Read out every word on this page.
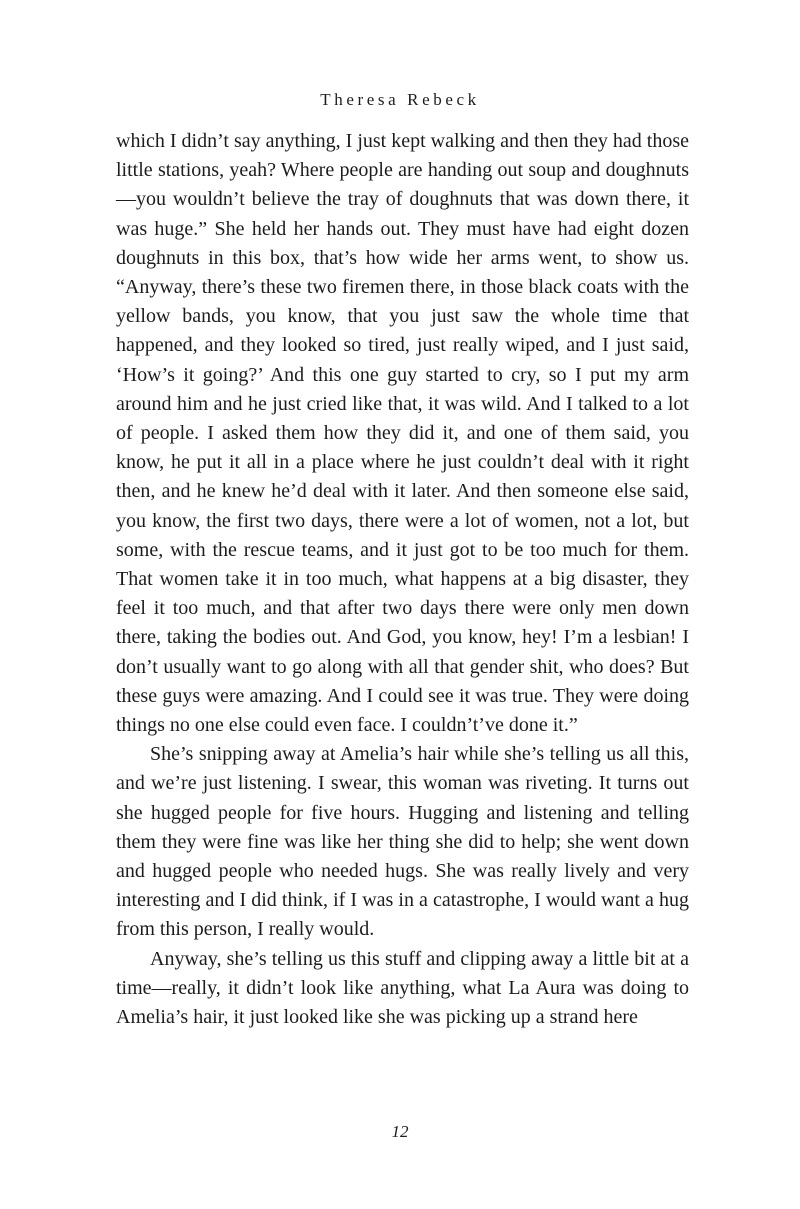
Theresa Rebeck

which I didn’t say anything, I just kept walking and then they had those little stations, yeah? Where people are handing out soup and doughnuts—you wouldn’t believe the tray of doughnuts that was down there, it was huge.” She held her hands out. They must have had eight dozen doughnuts in this box, that’s how wide her arms went, to show us. “Anyway, there’s these two firemen there, in those black coats with the yellow bands, you know, that you just saw the whole time that happened, and they looked so tired, just really wiped, and I just said, ‘How’s it going?’ And this one guy started to cry, so I put my arm around him and he just cried like that, it was wild. And I talked to a lot of people. I asked them how they did it, and one of them said, you know, he put it all in a place where he just couldn’t deal with it right then, and he knew he’d deal with it later. And then someone else said, you know, the first two days, there were a lot of women, not a lot, but some, with the rescue teams, and it just got to be too much for them. That women take it in too much, what happens at a big disaster, they feel it too much, and that after two days there were only men down there, taking the bodies out. And God, you know, hey! I’m a lesbian! I don’t usually want to go along with all that gender shit, who does? But these guys were amazing. And I could see it was true. They were doing things no one else could even face. I couldn’t’ve done it.”

She’s snipping away at Amelia’s hair while she’s telling us all this, and we’re just listening. I swear, this woman was riveting. It turns out she hugged people for five hours. Hugging and listening and telling them they were fine was like her thing she did to help; she went down and hugged people who needed hugs. She was really lively and very interesting and I did think, if I was in a catastrophe, I would want a hug from this person, I really would.

Anyway, she’s telling us this stuff and clipping away a little bit at a time—really, it didn’t look like anything, what La Aura was doing to Amelia’s hair, it just looked like she was picking up a strand here

12
